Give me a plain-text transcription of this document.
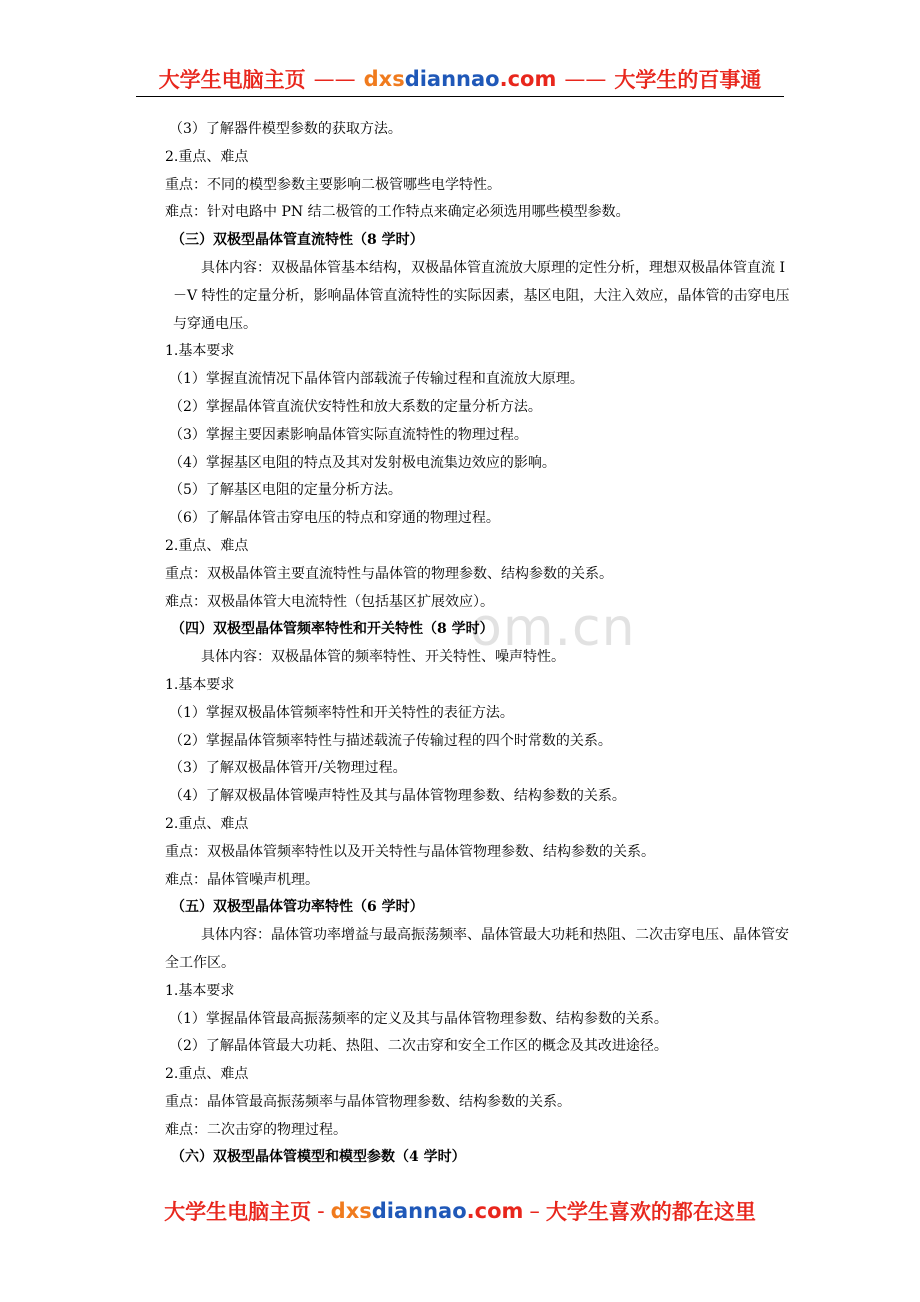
大学生电脑主页 —— dxsdiannao.com —— 大学生的百事通
om.cn
（3）了解器件模型参数的获取方法。
2.重点、难点
重点：不同的模型参数主要影响二极管哪些电学特性。
难点：针对电路中 PN 结二极管的工作特点来确定必须选用哪些模型参数。
（三）双极型晶体管直流特性（8 学时）
具体内容：双极晶体管基本结构，双极晶体管直流放大原理的定性分析，理想双极晶体管直流 I－V 特性的定量分析，影响晶体管直流特性的实际因素，基区电阻，大注入效应，晶体管的击穿电压与穿通电压。
1.基本要求
（1）掌握直流情况下晶体管内部载流子传输过程和直流放大原理。
（2）掌握晶体管直流伏安特性和放大系数的定量分析方法。
（3）掌握主要因素影响晶体管实际直流特性的物理过程。
（4）掌握基区电阻的特点及其对发射极电流集边效应的影响。
（5）了解基区电阻的定量分析方法。
（6）了解晶体管击穿电压的特点和穿通的物理过程。
2.重点、难点
重点：双极晶体管主要直流特性与晶体管的物理参数、结构参数的关系。
难点：双极晶体管大电流特性（包括基区扩展效应）。
（四）双极型晶体管频率特性和开关特性（8 学时）
具体内容：双极晶体管的频率特性、开关特性、噪声特性。
1.基本要求
（1）掌握双极晶体管频率特性和开关特性的表征方法。
（2）掌握晶体管频率特性与描述载流子传输过程的四个时常数的关系。
（3）了解双极晶体管开/关物理过程。
（4）了解双极晶体管噪声特性及其与晶体管物理参数、结构参数的关系。
2.重点、难点
重点：双极晶体管频率特性以及开关特性与晶体管物理参数、结构参数的关系。
难点：晶体管噪声机理。
（五）双极型晶体管功率特性（6 学时）
具体内容：晶体管功率增益与最高振荡频率、晶体管最大功耗和热阻、二次击穿电压、晶体管安全工作区。
1.基本要求
（1）掌握晶体管最高振荡频率的定义及其与晶体管物理参数、结构参数的关系。
（2）了解晶体管最大功耗、热阻、二次击穿和安全工作区的概念及其改进途径。
2.重点、难点
重点：晶体管最高振荡频率与晶体管物理参数、结构参数的关系。
难点：二次击穿的物理过程。
（六）双极型晶体管模型和模型参数（4 学时）
大学生电脑主页 - dxsdiannao.com – 大学生喜欢的都在这里
